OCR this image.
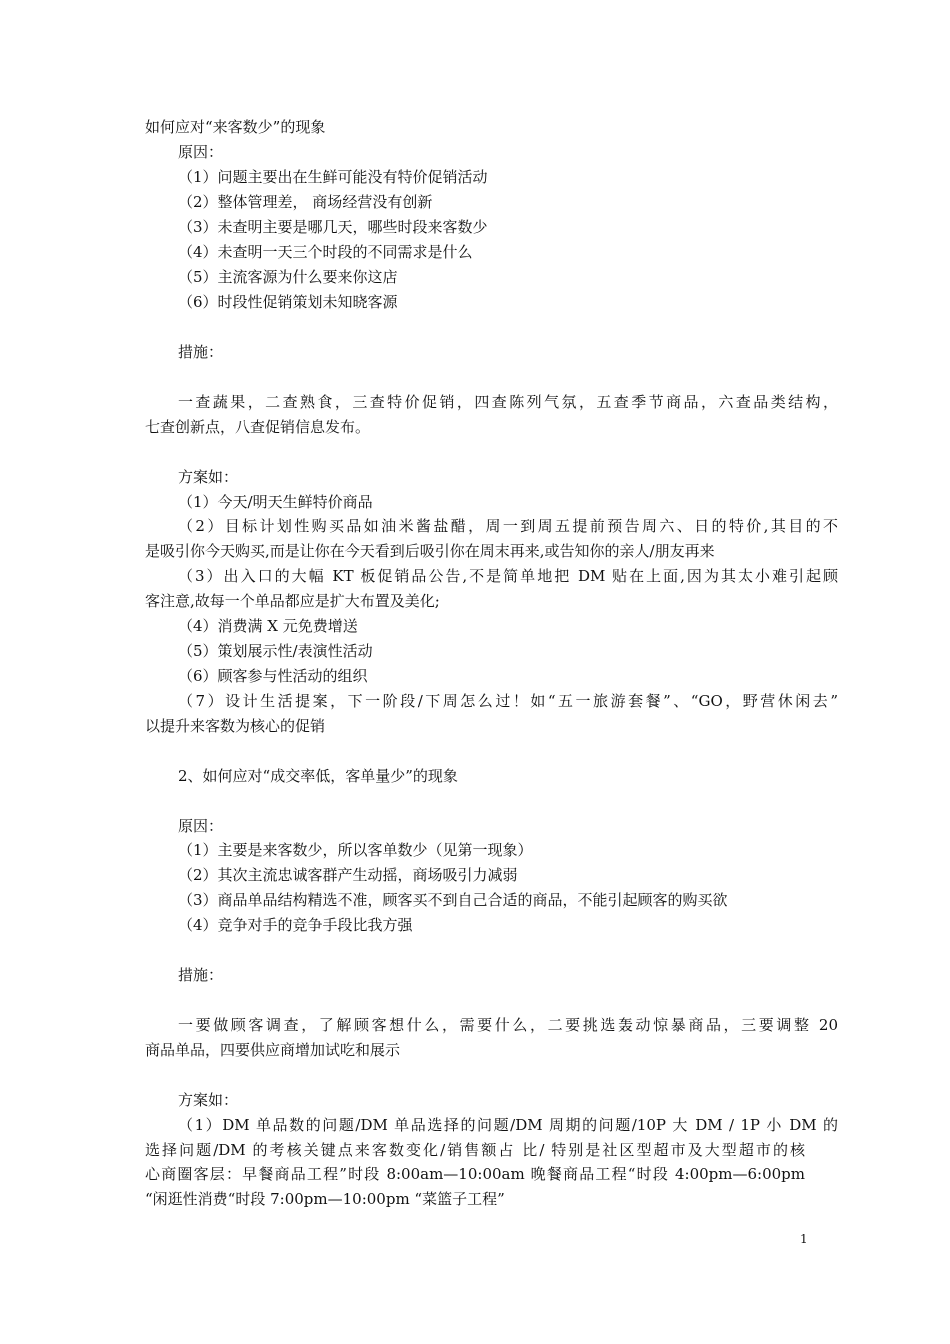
如何应对“来客数少”的现象
原因：
（1）问题主要出在生鲜可能没有特价促销活动
（2）整体管理差， 商场经营没有创新
（3）未查明主要是哪几天，哪些时段来客数少
（4）未查明一天三个时段的不同需求是什么
（5）主流客源为什么要来你这店
（6）时段性促销策划未知晓客源
措施：
一查蔬果，二查熟食，三查特价促销，四查陈列气氛，五查季节商品，六查品类结构，
七查创新点，八查促销信息发布。
方案如：
（1）今天/明天生鲜特价商品
（2）目标计划性购买品如油米酱盐醋，周一到周五提前预告周六、日的特价,其目的不
是吸引你今天购买,而是让你在今天看到后吸引你在周末再来,或告知你的亲人/朋友再来
（3）出入口的大幅 KT 板促销品公告,不是简单地把 DM 贴在上面,因为其太小难引起顾
客注意,故每一个单品都应是扩大布置及美化;
（4）消费满 X 元免费增送
（5）策划展示性/表演性活动
（6）顾客参与性活动的组织
（7）设计生活提案，下一阶段/下周怎么过！如“五一旅游套餐”、“GO，野营休闲去”
以提升来客数为核心的促销
2、如何应对“成交率低，客单量少”的现象
原因：
（1）主要是来客数少，所以客单数少（见第一现象）
（2）其次主流忠诚客群产生动摇，商场吸引力减弱
（3）商品单品结构精选不准，顾客买不到自己合适的商品，不能引起顾客的购买欲
（4）竞争对手的竞争手段比我方强
措施：
一要做顾客调查，了解顾客想什么，需要什么，二要挑选轰动惊暴商品，三要调整 20
商品单品，四要供应商增加试吃和展示
方案如：
（1）DM 单品数的问题/DM 单品选择的问题/DM 周期的问题/10P 大 DM / 1P 小 DM 的
选择问题/DM 的考核关键点来客数变化/销售额占 比/ 特别是社区型超市及大型超市的核
心商圈客层：早餐商品工程”时段 8:00am—10:00am 晚餐商品工程“时段 4:00pm—6:00pm
“闲逛性消费“时段 7:00pm—10:00pm “菜篮子工程”
1
